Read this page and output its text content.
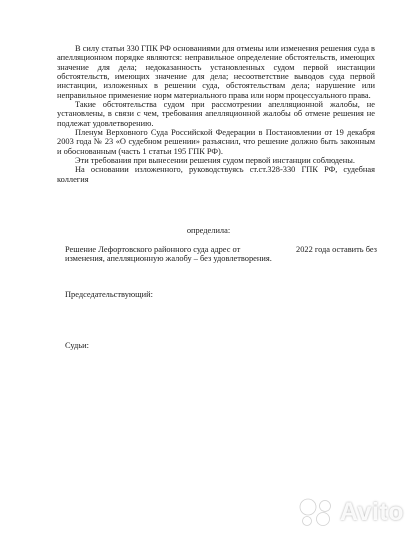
В силу статьи 330 ГПК РФ основаниями для отмены или изменения решения суда в апелляционном порядке являются: неправильное определение обстоятельств, имеющих значение для дела; недоказанность установленных судом первой инстанции обстоятельств, имеющих значение для дела; несоответствие выводов суда первой инстанции, изложенных в решении суда, обстоятельствам дела; нарушение или неправильное применение норм материального права или норм процессуального права.

Такие обстоятельства судом при рассмотрении апелляционной жалобы, не установлены, в связи с чем, требования апелляционной жалобы об отмене решения не подлежат удовлетворению.

Пленум Верховного Суда Российской Федерации в Постановлении от 19 декабря 2003 года № 23 «О судебном решении» разъяснил, что решение должно быть законным и обоснованным (часть 1 статьи 195 ГПК РФ).

Эти требования при вынесении решения судом первой инстанции соблюдены.

На основании изложенного, руководствуясь ст.ст.328-330 ГПК РФ, судебная коллегия

определила:
Решение Лефортовского районного суда адрес от	2022 года оставить без
изменения, апелляционную жалобу – без удовлетворения.
Председательствующий:
Судьи:
Avito
